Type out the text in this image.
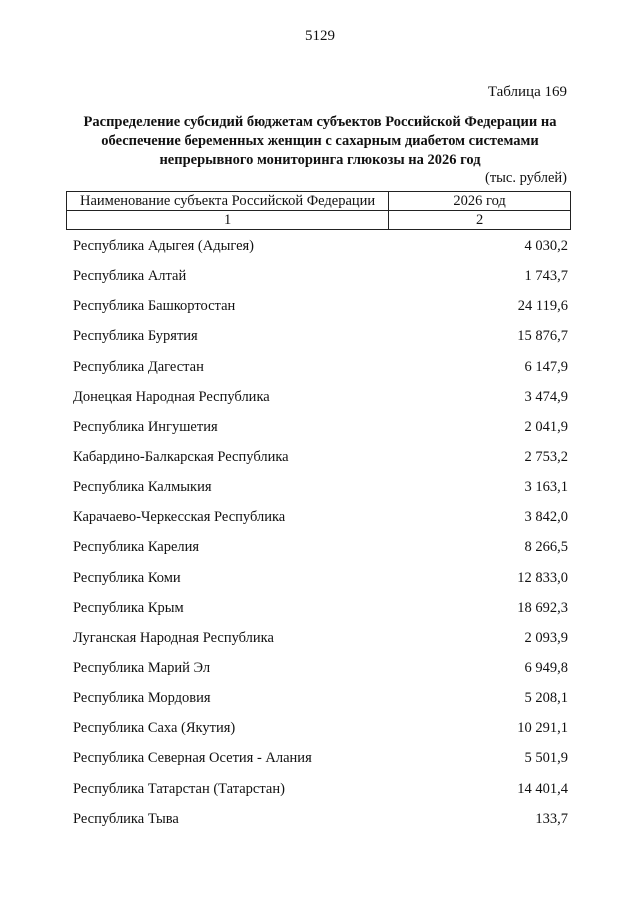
5129
Таблица 169
Распределение субсидий бюджетам субъектов Российской Федерации на
обеспечение беременных женщин с сахарным диабетом системами
непрерывного мониторинга глюкозы на 2026 год
(тыс. рублей)
Наименование субъекта Российской Федерации	2026 год
1	2
Республика Адыгея (Адыгея)	4 030,2
Республика Алтай	1 743,7
Республика Башкортостан	24 119,6
Республика Бурятия	15 876,7
Республика Дагестан	6 147,9
Донецкая Народная Республика	3 474,9
Республика Ингушетия	2 041,9
Кабардино-Балкарская Республика	2 753,2
Республика Калмыкия	3 163,1
Карачаево-Черкесская Республика	3 842,0
Республика Карелия	8 266,5
Республика Коми	12 833,0
Республика Крым	18 692,3
Луганская Народная Республика	2 093,9
Республика Марий Эл	6 949,8
Республика Мордовия	5 208,1
Республика Саха (Якутия)	10 291,1
Республика Северная Осетия - Алания	5 501,9
Республика Татарстан (Татарстан)	14 401,4
Республика Тыва	133,7
